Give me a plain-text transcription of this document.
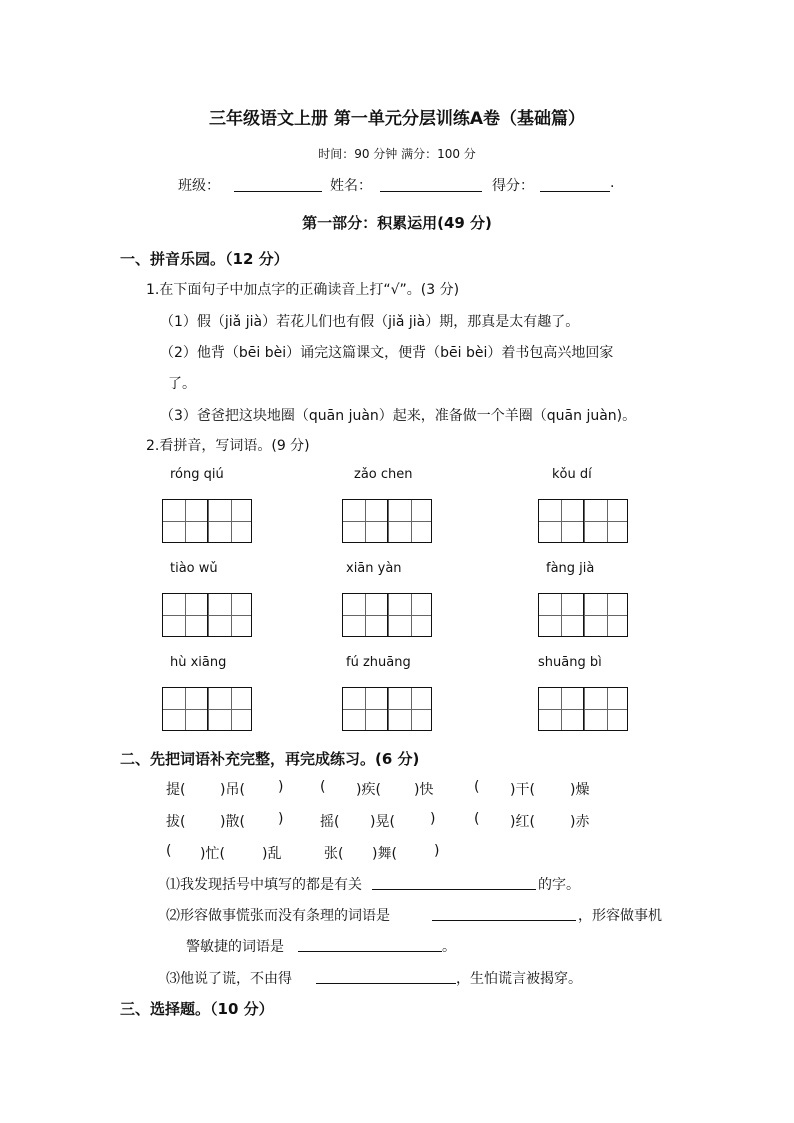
三年级语文上册 第一单元分层训练A卷（基础篇）
时间：90 分钟 满分：100 分
班级：	姓名：	得分：	.
第一部分：积累运用(49 分)
一、拼音乐园。（12 分）
1.在下面句子中加点字的正确读音上打“√”。(3 分)
（1）假（jiǎ jià）若花儿们也有假（jiǎ jià）期，那真是太有趣了。
（2）他背（bēi bèi）诵完这篇课文，便背（bēi bèi）着书包高兴地回家
了。
（3）爸爸把这块地圈（quān juàn）起来，准备做一个羊圈（quān juàn)。
2.看拼音，写词语。(9 分)
róng qiú	zǎo chen	kǒu dí
tiào wǔ	xiān yàn	fàng jià
hù xiāng	fú zhuāng	shuāng bì
二、先把词语补充完整，再完成练习。(6 分)
提( )吊( )	( )疾( )快	( )干(	)燥
拔( )散( )	摇( )晃(	)	( )红(	)赤
( )忙(	)乱	张( )舞(	)
⑴我发现括号中填写的都是有关	的字。
⑵形容做事慌张而没有条理的词语是	，形容做事机
警敏捷的词语是	。
⑶他说了谎，不由得	，生怕谎言被揭穿。
三、选择题。（10 分）
